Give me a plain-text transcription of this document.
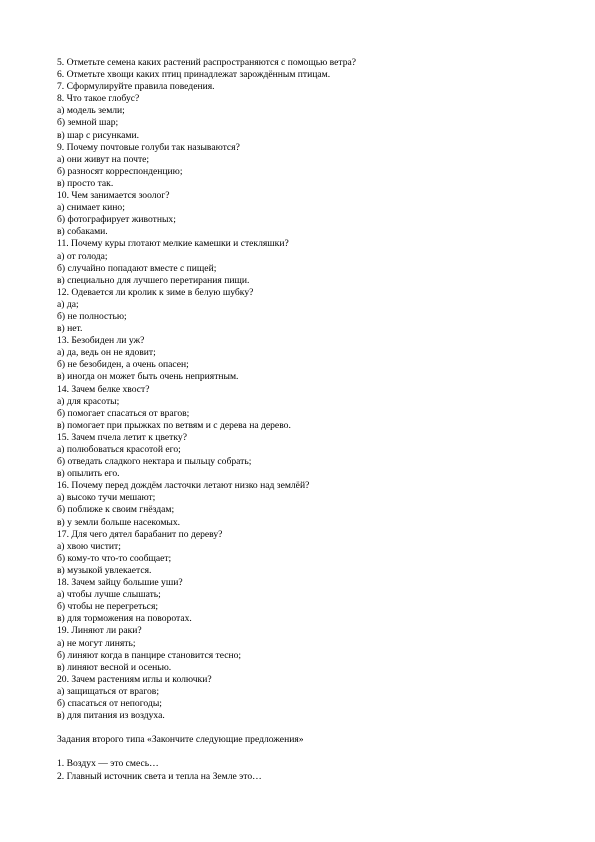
5. Отметьте семена каких растений распространяются с помощью ветра?
6. Отметьте хвощи каких птиц принадлежат зарождённым птицам.
7. Сформулируйте правила поведения.
8. Что такое глобус?
а) модель земли;
б) земной шар;
в) шар с рисунками.
9. Почему почтовые голуби так называются?
а) они живут на почте;
б) разносят корреспонденцию;
в) просто так.
10. Чем занимается зоолог?
а) снимает кино;
б) фотографирует животных;
в) собаками.
11. Почему куры глотают мелкие камешки и стекляшки?
а) от голода;
б) случайно попадают вместе с пищей;
в) специально для лучшего перетирания пищи.
12. Одевается ли кролик к зиме в белую шубку?
а) да;
б) не полностью;
в) нет.
13. Безобиден ли уж?
а) да, ведь он не ядовит;
б) не безобиден, а очень опасен;
в) иногда он может быть очень неприятным.
14. Зачем белке хвост?
а) для красоты;
б) помогает спасаться от врагов;
в) помогает при прыжках по ветвям и с дерева на дерево.
15. Зачем пчела летит к цветку?
а) полюбоваться красотой его;
б) отведать сладкого нектара и пыльцу собрать;
в) опылить его.
16. Почему перед дождём ласточки летают низко над землёй?
а) высоко тучи мешают;
б) поближе к своим гнёздам;
в) у земли больше насекомых.
17. Для чего дятел барабанит по дереву?
а) хвою чистит;
б) кому-то что-то сообщает;
в) музыкой увлекается.
18. Зачем зайцу большие уши?
а) чтобы лучше слышать;
б) чтобы не перегреться;
в) для торможения на поворотах.
19. Линяют ли раки?
а) не могут линять;
б) линяют когда в панцире становится тесно;
в) линяют весной и осенью.
20. Зачем растениям иглы и колючки?
а) защищаться от врагов;
б) спасаться от непогоды;
в) для питания из воздуха.
Задания второго типа «Закончите следующие предложения»
1. Воздух — это смесь…
2. Главный источник света и тепла на Земле это…
